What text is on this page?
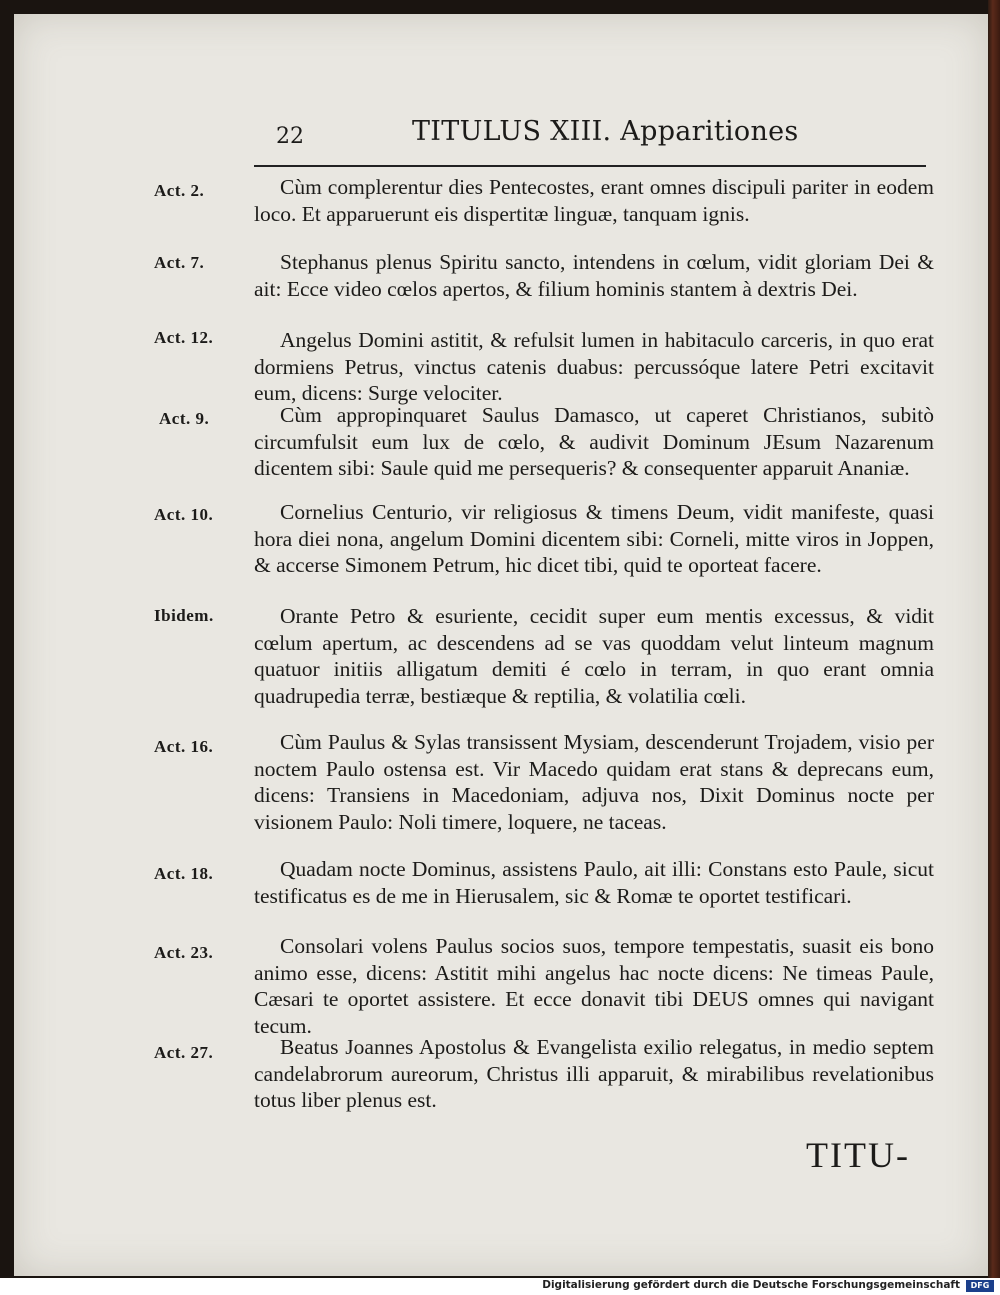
22	TITULUS XIII. Apparitiones
Act. 2.	Cùm complerentur dies Pentecostes, erant omnes discipuli pariter in eodem loco. Et apparuerunt eis dispertitæ linguæ, tanquam ignis.
Act. 7.	Stephanus plenus Spiritu sancto, intendens in cœlum, vidit gloriam Dei & ait: Ecce video cœlos apertos, & filium hominis stantem à dextris Dei.
Act. 12.	Angelus Domini astitit, & refulsit lumen in habitaculo carceris, in quo erat dormiens Petrus, vinctus catenis duabus: percussóque latere Petri excitavit eum, dicens: Surge velociter.
Act. 9.	Cùm appropinquaret Saulus Damasco, ut caperet Christianos, subitò circumfulsit eum lux de cœlo, & audivit Dominum JEsum Nazarenum dicentem sibi: Saule quid me persequeris? & consequenter apparuit Ananiæ.
Act. 10.	Cornelius Centurio, vir religiosus & timens Deum, vidit manifeste, quasi hora diei nona, angelum Domini dicentem sibi: Corneli, mitte viros in Joppen, & accerse Simonem Petrum, hic dicet tibi, quid te oporteat facere.
Ibidem.	Orante Petro & esuriente, cecidit super eum mentis excessus, & vidit cœlum apertum, ac descendens ad se vas quoddam velut linteum magnum quatuor initiis alligatum demiti é cœlo in terram, in quo erant omnia quadrupedia terræ, bestiæque & reptilia, & volatilia cœli.
Act. 16.	Cùm Paulus & Sylas transissent Mysiam, descenderunt Trojadem, visio per noctem Paulo ostensa est. Vir Macedo quidam erat stans & deprecans eum, dicens: Transiens in Macedoniam, adjuva nos, Dixit Dominus nocte per visionem Paulo: Noli timere, loquere, ne taceas.
Act. 18.	Quadam nocte Dominus, assistens Paulo, ait illi: Constans esto Paule, sicut testificatus es de me in Hierusalem, sic & Romæ te oportet testificari.
Act. 23.	Consolari volens Paulus socios suos, tempore tempestatis, suasit eis bono animo esse, dicens: Astitit mihi angelus hac nocte dicens: Ne timeas Paule, Cæsari te oportet assistere. Et ecce donavit tibi DEUS omnes qui navigant tecum.
Act. 27.	Beatus Joannes Apostolus & Evangelista exilio relegatus, in medio septem candelabrorum aureorum, Christus illi apparuit, & mirabilibus revelationibus totus liber plenus est.
TITU-
Digitalisierung gefördert durch die Deutsche Forschungsgemeinschaft	DFG
